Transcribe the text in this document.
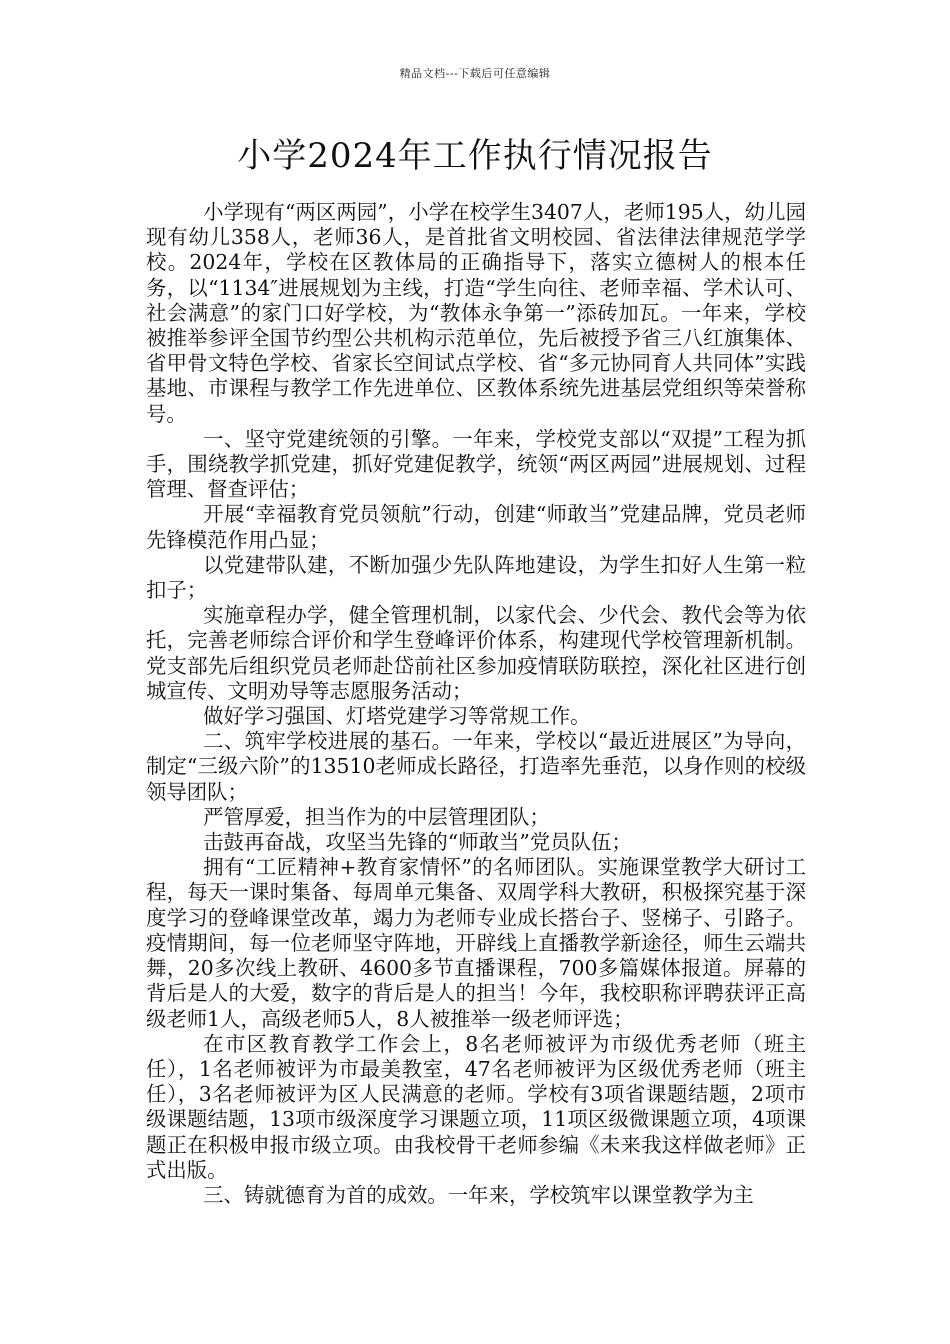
精品文档---下载后可任意编辑
小学2024年工作执行情况报告

小学现有“两区两园”，小学在校学生3407人，老师195人，幼儿园现有幼儿358人，老师36人，是首批省文明校园、省法律法律规范学学校。2024年，学校在区教体局的正确指导下，落实立德树人的根本任务，以“1134″进展规划为主线，打造“学生向往、老师幸福、学术认可、社会满意”的家门口好学校，为“教体永争第一”添砖加瓦。一年来，学校被推举参评全国节约型公共机构示范单位，先后被授予省三八红旗集体、省甲骨文特色学校、省家长空间试点学校、省“多元协同育人共同体”实践基地、市课程与教学工作先进单位、区教体系统先进基层党组织等荣誉称号。

一、坚守党建统领的引擎。一年来，学校党支部以“双提”工程为抓手，围绕教学抓党建，抓好党建促教学，统领“两区两园”进展规划、过程管理、督查评估；

开展“幸福教育党员领航”行动，创建“师敢当”党建品牌，党员老师先锋模范作用凸显；

以党建带队建，不断加强少先队阵地建设，为学生扣好人生第一粒扣子；

实施章程办学，健全管理机制，以家代会、少代会、教代会等为依托，完善老师综合评价和学生登峰评价体系，构建现代学校管理新机制。党支部先后组织党员老师赴岱前社区参加疫情联防联控，深化社区进行创城宣传、文明劝导等志愿服务活动；

做好学习强国、灯塔党建学习等常规工作。

二、筑牢学校进展的基石。一年来，学校以“最近进展区”为导向，制定“三级六阶”的13510老师成长路径，打造率先垂范，以身作则的校级领导团队；

严管厚爱，担当作为的中层管理团队；

击鼓再奋战，攻坚当先锋的“师敢当”党员队伍；

拥有“工匠精神+教育家情怀”的名师团队。实施课堂教学大研讨工程，每天一课时集备、每周单元集备、双周学科大教研，积极探究基于深度学习的登峰课堂改革，竭力为老师专业成长搭台子、竖梯子、引路子。疫情期间，每一位老师坚守阵地，开辟线上直播教学新途径，师生云端共舞，20多次线上教研、4600多节直播课程，700多篇媒体报道。屏幕的背后是人的大爱，数字的背后是人的担当！今年，我校职称评聘获评正高级老师1人，高级老师5人，8人被推举一级老师评选；

在市区教育教学工作会上，8名老师被评为市级优秀老师（班主任），1名老师被评为市最美教室，47名老师被评为区级优秀老师（班主任），3名老师被评为区人民满意的老师。学校有3项省课题结题，2项市级课题结题，13项市级深度学习课题立项，11项区级微课题立项，4项课题正在积极申报市级立项。由我校骨干老师参编《未来我这样做老师》正式出版。

三、铸就德育为首的成效。一年来，学校筑牢以课堂教学为主
